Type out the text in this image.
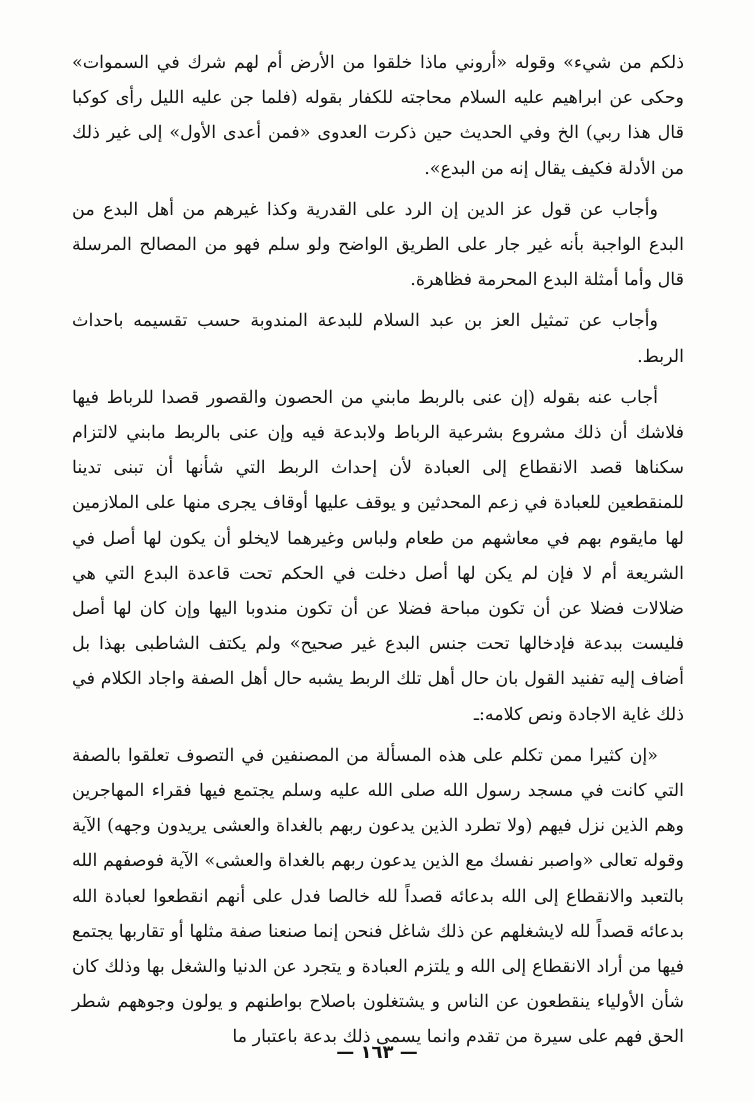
ذلكم من شيء» وقوله «أروني ماذا خلقوا من الأرض أم لهم شرك في السموات» وحكى عن ابراهيم عليه السلام محاجته للكفار بقوله (فلما جن عليه الليل رأى كوكبا قال هذا ربي) الخ وفي الحديث حين ذكرت العدوى «فمن أعدى الأول» إلى غير ذلك من الأدلة فكيف يقال إنه من البدع».

وأجاب عن قول عز الدين إن الرد على القدرية وكذا غيرهم من أهل البدع من البدع الواجبة بأنه غير جار على الطريق الواضح ولو سلم فهو من المصالح المرسلة قال وأما أمثلة البدع المحرمة فظاهرة.

وأجاب عن تمثيل العز بن عبد السلام للبدعة المندوبة حسب تقسيمه باحداث الربط.

أجاب عنه بقوله (إن عنى بالربط مابني من الحصون والقصور قصدا للرباط فيها فلاشك أن ذلك مشروع بشرعية الرباط ولابدعة فيه وإن عنى بالربط مابني لالتزام سكناها قصد الانقطاع إلى العبادة لأن إحداث الربط التي شأنها أن تبنى تدينا للمنقطعين للعبادة في زعم المحدثين و يوقف عليها أوقاف يجرى منها على الملازمين لها مايقوم بهم في معاشهم من طعام ولباس وغيرهما لايخلو أن يكون لها أصل في الشريعة أم لا فإن لم يكن لها أصل دخلت في الحكم تحت قاعدة البدع التي هي ضلالات فضلا عن أن تكون مباحة فضلا عن أن تكون مندوبا اليها وإن كان لها أصل فليست ببدعة فإدخالها تحت جنس البدع غير صحيح» ولم يكتف الشاطبى بهذا بل أضاف إليه تفنيد القول بان حال أهل تلك الربط يشبه حال أهل الصفة واجاد الكلام في ذلك غاية الاجادة ونص كلامه:ـ

«إن كثيرا ممن تكلم على هذه المسألة من المصنفين في التصوف تعلقوا بالصفة التي كانت في مسجد رسول الله صلى الله عليه وسلم يجتمع فيها فقراء المهاجرين وهم الذين نزل فيهم (ولا تطرد الذين يدعون ربهم بالغداة والعشى يريدون وجهه) الآية وقوله تعالى «واصبر نفسك مع الذين يدعون ربهم بالغداة والعشى» الآية فوصفهم الله بالتعبد والانقطاع إلى الله بدعائه قصداً لله خالصا فدل على أنهم انقطعوا لعبادة الله بدعائه قصداً لله لايشغلهم عن ذلك شاغل فنحن إنما صنعنا صفة مثلها أو تقاربها يجتمع فيها من أراد الانقطاع إلى الله و يلتزم العبادة و يتجرد عن الدنيا والشغل بها وذلك كان شأن الأولياء ينقطعون عن الناس و يشتغلون باصلاح بواطنهم و يولون وجوههم شطر الحق فهم على سيرة من تقدم وانما يسمى ذلك بدعة باعتبار ما

— ١٦٣ —
